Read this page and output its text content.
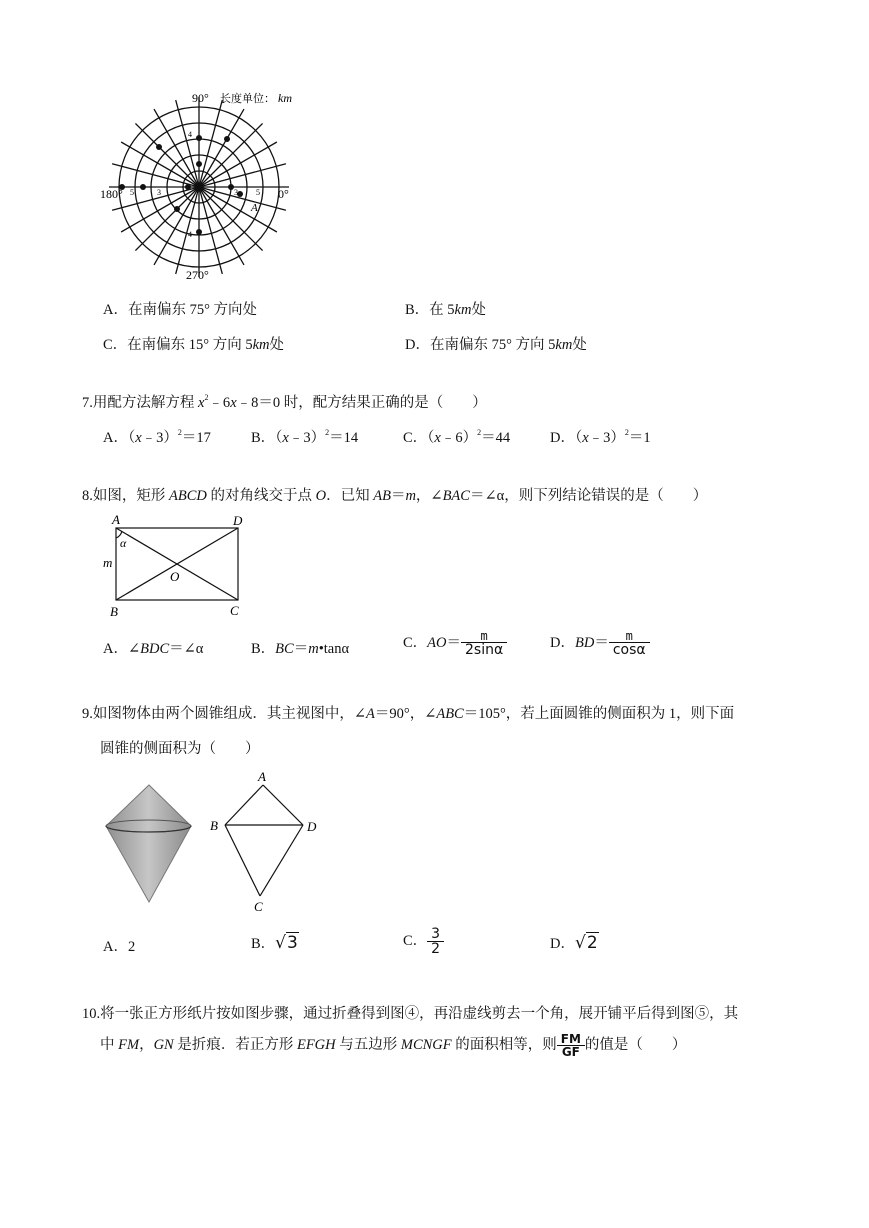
90° 长度单位： km
180°	0°
270°
5	3
4
4
3 5
A
A．在南偏东 75° 方向处	B．在 5km处
C．在南偏东 15° 方向 5km处	D．在南偏东 75° 方向 5km处
7.用配方法解方程 $x^2﹣6x﹣8=0$ 时，配方结果正确的是（　　）
A．（x﹣3）$^2$＝17	B．（x﹣3）$^2$＝14	C．（x﹣6）$^2$＝44	D．（x﹣3）$^2$＝1
8.如图，矩形 ABCD 的对角线交于点 O．已知 AB＝m，∠BAC＝∠α，则下列结论错误的是（　　）
A	D
B	C
O
m
α
A．∠BDC＝∠α	B．BC＝m•tanα	C．$AO= \frac{m}{2\sin\alpha}$	D．$BD= \frac{m}{\cos\alpha}$
9.如图物体由两个圆锥组成．其主视图中，∠A＝90°，∠ABC＝105°，若上面圆锥的侧面积为 1，则下面
圆锥的侧面积为（　　）
A
B	D
C
A．2	B．√3	C． $\frac{3}{2}$	D．√2
10.将一张正方形纸片按如图步骤，通过折叠得到图④，再沿虚线剪去一个角，展开铺平后得到图⑤，其
中 FM，GN 是折痕．若正方形 EFGH 与五边形 MCNGF 的面积相等，则 $\frac{FM}{GF}$ 的值是（　　）
